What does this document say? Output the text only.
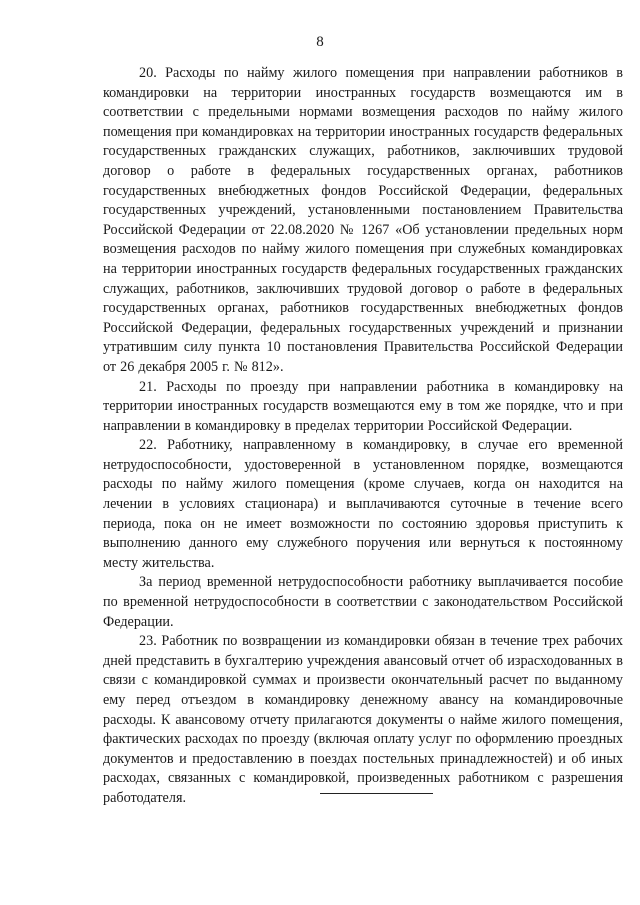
8

20. Расходы по найму жилого помещения при направлении работников в командировки на территории иностранных государств возмещаются им в соответствии с предельными нормами возмещения расходов по найму жилого помещения при командировках на территории иностранных государств федеральных государственных гражданских служащих, работников, заключивших трудовой договор о работе в федеральных государственных органах, работников государственных внебюджетных фондов Российской Федерации, федеральных государственных учреждений, установленными постановлением Правительства Российской Федерации от 22.08.2020 № 1267 «Об установлении предельных норм возмещения расходов по найму жилого помещения при служебных командировках на территории иностранных государств федеральных государственных гражданских служащих, работников, заключивших трудовой договор о работе в федеральных государственных органах, работников государственных внебюджетных фондов Российской Федерации, федеральных государственных учреждений и признании утратившим силу пункта 10 постановления Правительства Российской Федерации от 26 декабря 2005 г. № 812».

21. Расходы по проезду при направлении работника в командировку на территории иностранных государств возмещаются ему в том же порядке, что и при направлении в командировку в пределах территории Российской Федерации.

22. Работнику, направленному в командировку, в случае его временной нетрудоспособности, удостоверенной в установленном порядке, возмещаются расходы по найму жилого помещения (кроме случаев, когда он находится на лечении в условиях стационара) и выплачиваются суточные в течение всего периода, пока он не имеет возможности по состоянию здоровья приступить к выполнению данного ему служебного поручения или вернуться к постоянному месту жительства.

За период временной нетрудоспособности работнику выплачивается пособие по временной нетрудоспособности в соответствии с законодательством Российской Федерации.

23. Работник по возвращении из командировки обязан в течение трех рабочих дней представить в бухгалтерию учреждения авансовый отчет об израсходованных в связи с командировкой суммах и произвести окончательный расчет по выданному ему перед отъездом в командировку денежному авансу на командировочные расходы. К авансовому отчету прилагаются документы о найме жилого помещения, фактических расходах по проезду (включая оплату услуг по оформлению проездных документов и предоставлению в поездах постельных принадлежностей) и об иных расходах, связанных с командировкой, произведенных работником с разрешения работодателя.
